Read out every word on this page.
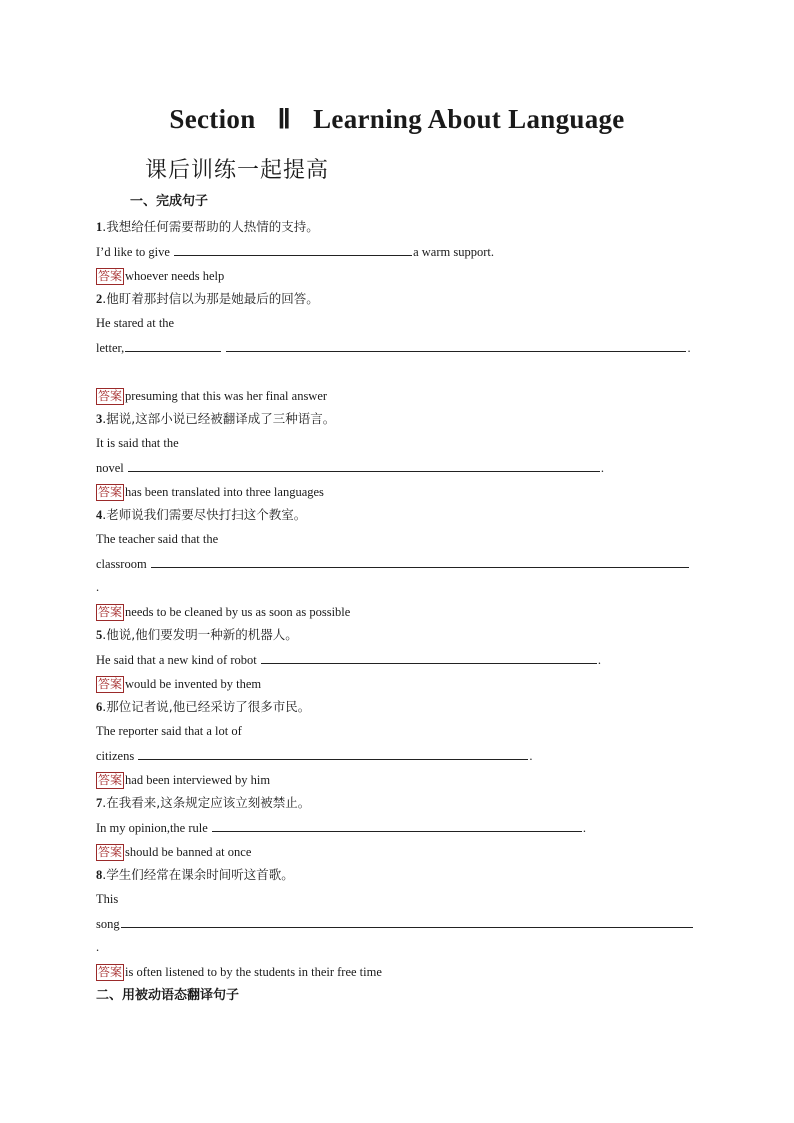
Section Ⅱ Learning About Language
课后训练一起提高
一、完成句子
1.我想给任何需要帮助的人热情的支持。
I’d like to give	a warm support.
答案 whoever needs help
2.他盯着那封信以为那是她最后的回答。
He stared at the
letter,	.
答案 presuming that this was her final answer
3.据说,这部小说已经被翻译成了三种语言。
It is said that the
novel	.
答案 has been translated into three languages
4.老师说我们需要尽快打扫这个教室。
The teacher said that the
classroom
.
答案 needs to be cleaned by us as soon as possible
5.他说,他们要发明一种新的机器人。
He said that a new kind of robot	.
答案 would be invented by them
6.那位记者说,他已经采访了很多市民。
The reporter said that a lot of
citizens	.
答案 had been interviewed by him
7.在我看来,这条规定应该立刻被禁止。
In my opinion,the rule	.
答案 should be banned at once
8.学生们经常在课余时间听这首歌。
This
song
.
答案 is often listened to by the students in their free time
二、用被动语态翻译句子
